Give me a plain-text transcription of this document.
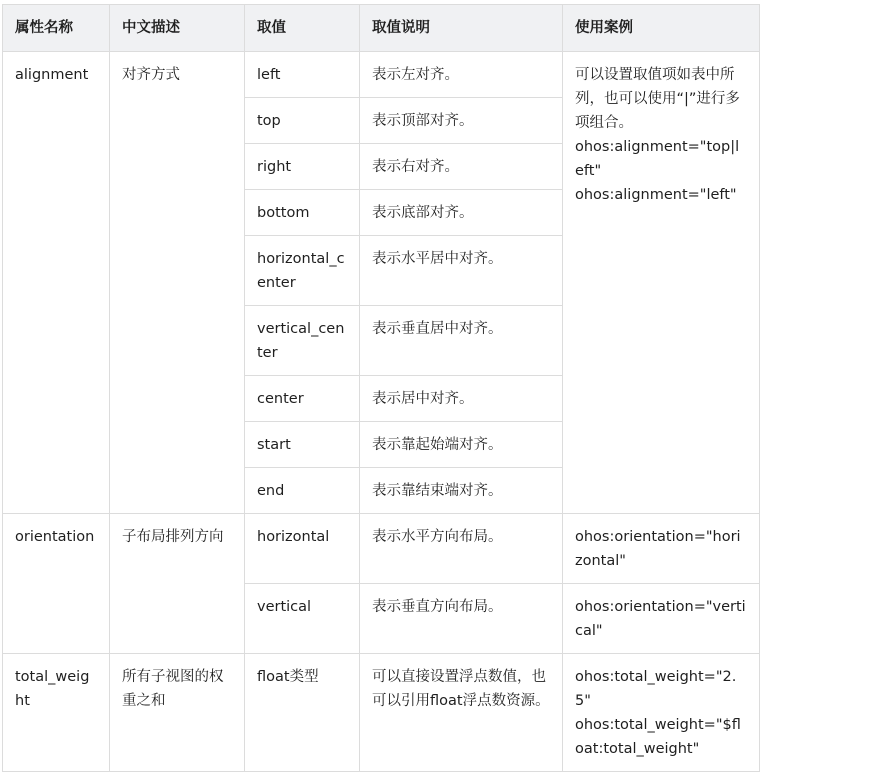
属性名称	中文描述	取值	取值说明	使用案例
alignment	对齐方式	left	表示左对齐。	可以设置取值项如表中所列，也可以使用“|”进行多项组合。
ohos:alignment="top|left"
ohos:alignment="left"

		top	表示顶部对齐。	
		right	表示右对齐。	
		bottom	表示底部对齐。	
		horizontal_center	表示水平居中对齐。	
		vertical_center	表示垂直居中对齐。	
		center	表示居中对齐。	
		start	表示靠起始端对齐。	
		end	表示靠结束端对齐。	
orientation	子布局排列方向	horizontal	表示水平方向布局。	ohos:orientation="horizontal"
		vertical	表示垂直方向布局。	ohos:orientation="vertical"
total_weight	所有子视图的权重之和	float类型	可以直接设置浮点数值，也可以引用float浮点数资源。	ohos:total_weight="2.5"
ohos:total_weight="$float:total_weight"
